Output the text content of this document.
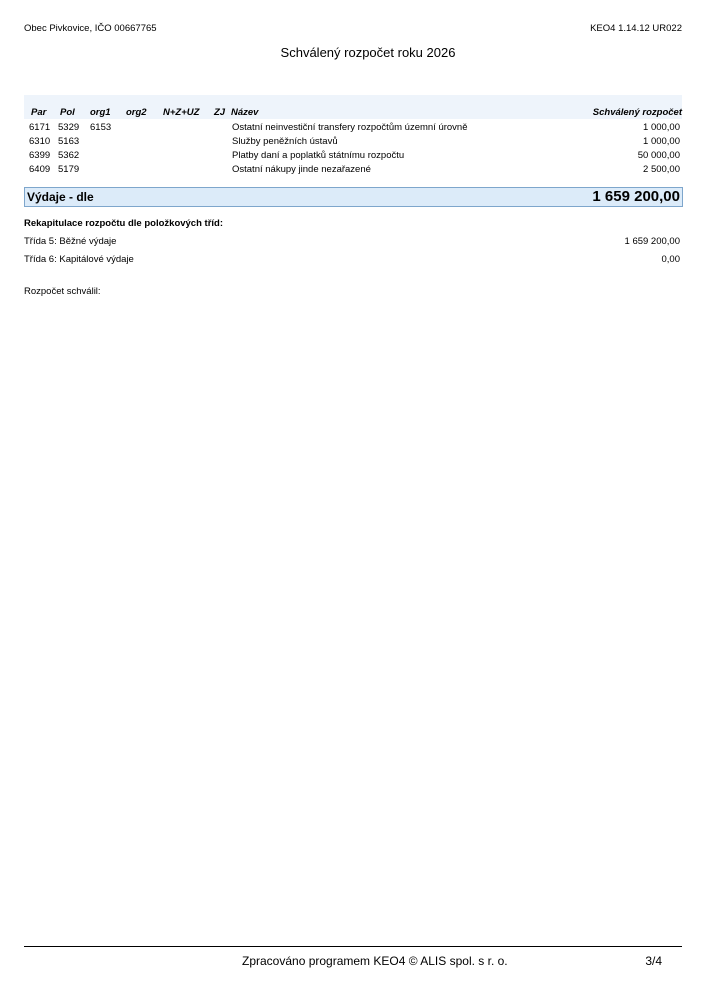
Obec Pivkovice, IČO 00667765	KEO4 1.14.12 UR022
Schválený rozpočet roku 2026
Par Pol org1 org2 N+Z+UZ ZJ Název	Schválený rozpočet
6171 5329 6153	Ostatní neinvestiční transfery rozpočtům územní úrovně	1 000,00
6310 5163	Služby peněžních ústavů	1 000,00
6399 5362	Platby daní a poplatků státnímu rozpočtu	50 000,00
6409 5179	Ostatní nákupy jinde nezařazené	2 500,00
Výdaje - dle	1 659 200,00
Rekapitulace rozpočtu dle položkových tříd:
Třída 5: Běžné výdaje	1 659 200,00
Třída 6: Kapitálové výdaje	0,00
Rozpočet schválil:
Zpracováno programem KEO4 © ALIS spol. s r. o.	3/4
